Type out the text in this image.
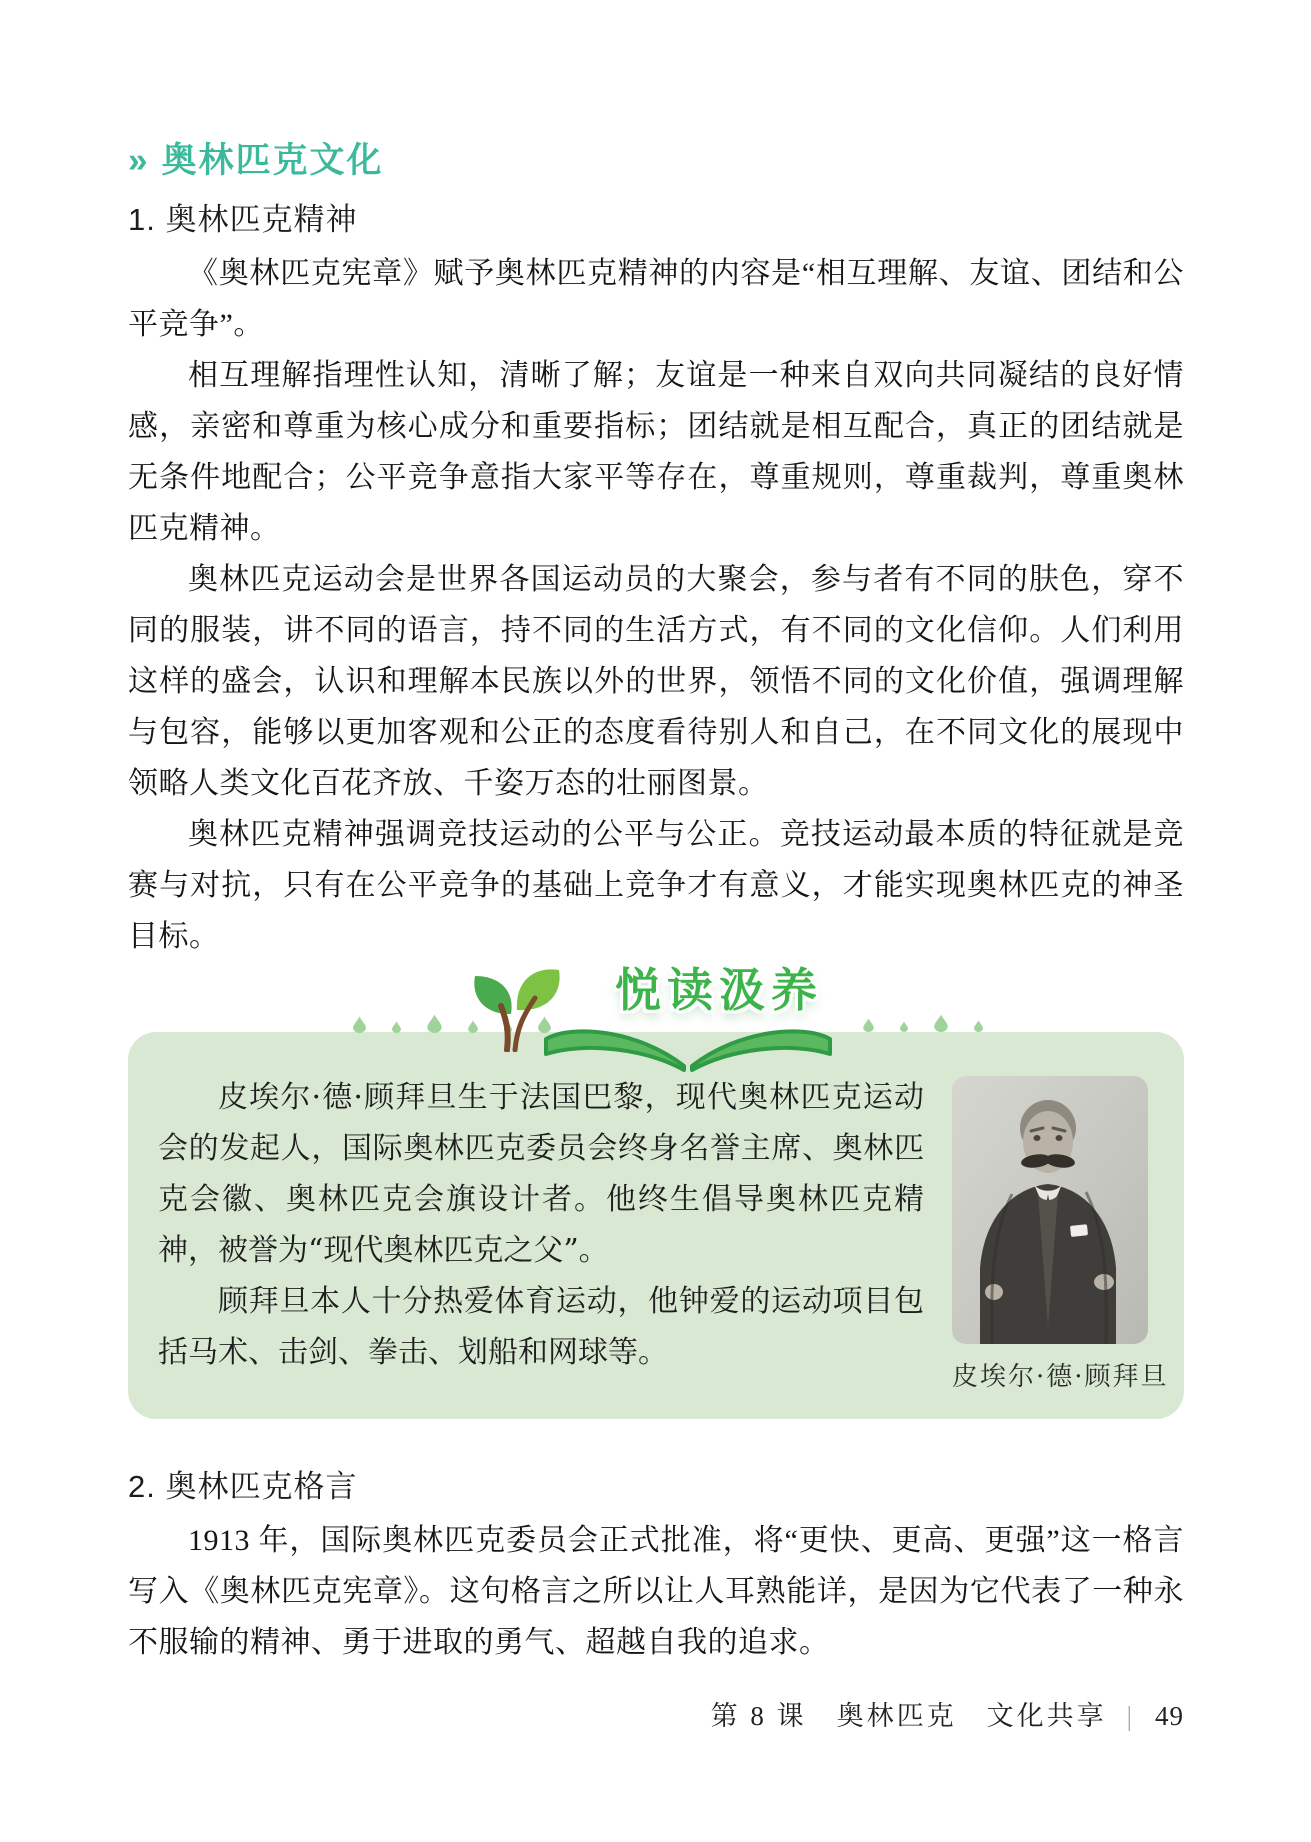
» 奥林匹克文化
1. 奥林匹克精神

《奥林匹克宪章》赋予奥林匹克精神的内容是“相互理解、友谊、团结和公平竞争”。

相互理解指理性认知，清晰了解；友谊是一种来自双向共同凝结的良好情感，亲密和尊重为核心成分和重要指标；团结就是相互配合，真正的团结就是无条件地配合；公平竞争意指大家平等存在，尊重规则，尊重裁判，尊重奥林匹克精神。

奥林匹克运动会是世界各国运动员的大聚会，参与者有不同的肤色，穿不同的服装，讲不同的语言，持不同的生活方式，有不同的文化信仰。人们利用这样的盛会，认识和理解本民族以外的世界，领悟不同的文化价值，强调理解与包容，能够以更加客观和公正的态度看待别人和自己，在不同文化的展现中领略人类文化百花齐放、千姿万态的壮丽图景。

奥林匹克精神强调竞技运动的公平与公正。竞技运动最本质的特征就是竞赛与对抗，只有在公平竞争的基础上竞争才有意义，才能实现奥林匹克的神圣目标。

悦读汲养
皮埃尔·德·顾拜旦

皮埃尔·德·顾拜旦生于法国巴黎，现代奥林匹克运动会的发起人，国际奥林匹克委员会终身名誉主席、奥林匹克会徽、奥林匹克会旗设计者。他终生倡导奥林匹克精神，被誉为“现代奥林匹克之父”。

顾拜旦本人十分热爱体育运动，他钟爱的运动项目包括马术、击剑、拳击、划船和网球等。

2. 奥林匹克格言

1913 年，国际奥林匹克委员会正式批准，将“更快、更高、更强”这一格言写入《奥林匹克宪章》。这句格言之所以让人耳熟能详，是因为它代表了一种永不服输的精神、勇于进取的勇气、超越自我的追求。

第 8 课　奥林匹克　文化共享 | 49
